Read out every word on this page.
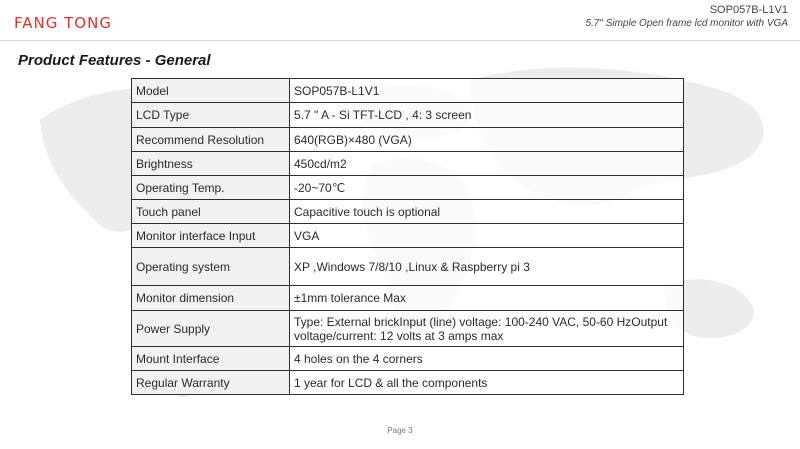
FANG TONG
SOP057B-L1V1
5.7" Simple Open frame lcd monitor with VGA
Product Features - General
Model	SOP057B-L1V1
LCD Type	5.7 " A - Si TFT-LCD , 4: 3 screen
Recommend Resolution	640(RGB)×480 (VGA)
Brightness	450cd/m2
Operating Temp.	-20~70℃
Touch panel	Capacitive touch is optional
Monitor interface Input	VGA
Operating system	XP ,Windows 7/8/10 ,Linux & Raspberry pi 3
Monitor dimension	±1mm tolerance Max
Power Supply	Type: External brickInput (line) voltage: 100-240 VAC, 50-60 HzOutput voltage/current: 12 volts at 3 amps max
Mount Interface	4 holes on the 4 corners
Regular Warranty	1 year for LCD & all the components
Page 3
